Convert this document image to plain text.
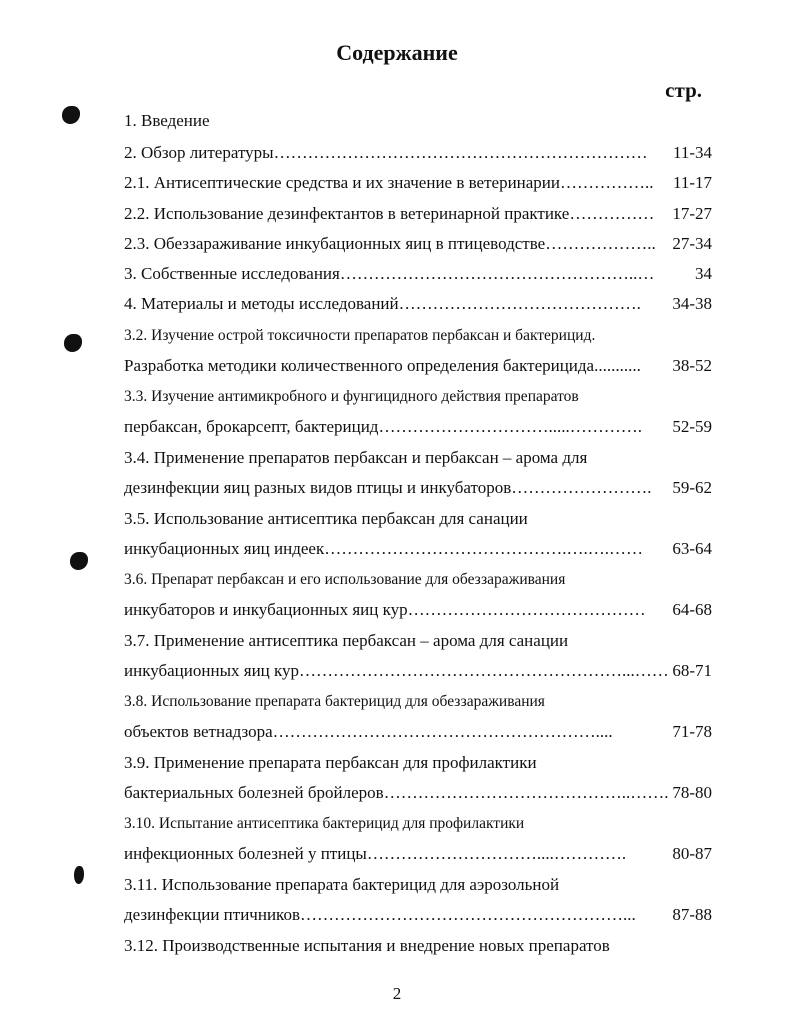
Содержание
стр.
1. Введение
2. Обзор литературы………………………………………………………… 11-34
2.1. Антисептические средства и их значение в ветеринарии…………….. 11-17
2.2. Использование дезинфектантов в ветеринарной практике…………… 17-27
2.3. Обеззараживание инкубационных яиц в птицеводстве……………….. 27-34
3. Собственные исследования……………………………………………..… 34
4. Материалы и методы исследований……………………………………. 34-38
3.2. Изучение острой токсичности препаратов пербаксан и бактерицид.
Разработка методики количественного определения бактерицида........... 38-52
3.3. Изучение антимикробного и фунгицидного действия препаратов
пербаксан, брокарсепт, бактерицид………………………….....…………. 52-59
3.4. Применение препаратов пербаксан и пербаксан – арома для
дезинфекции яиц разных видов птицы и инкубаторов……………………. 59-62
3.5. Использование антисептика пербаксан для санации
инкубационных яиц индеек…………………………………….….….…… 63-64
3.6. Препарат пербаксан и его использование для обеззараживания
инкубаторов и инкубационных яиц кур…………………………………… 64-68
3.7. Применение антисептика пербаксан – арома для санации
инкубационных яиц кур…………………………………………………...…… 68-71
3.8. Использование препарата бактерицид для обеззараживания
объектов ветнадзора…………………………………………………....	71-78
3.9. Применение препарата пербаксан для профилактики
бактериальных болезней бройлеров……………………………………..……. 78-80
3.10. Испытание антисептика бактерицид для профилактики
инфекционных болезней у птицы…………………………....………….	80-87
3.11. Использование препарата бактерицид для аэрозольной
дезинфекции птичников…………………………………………………... 87-88
3.12. Производственные испытания и внедрение новых препаратов
2
